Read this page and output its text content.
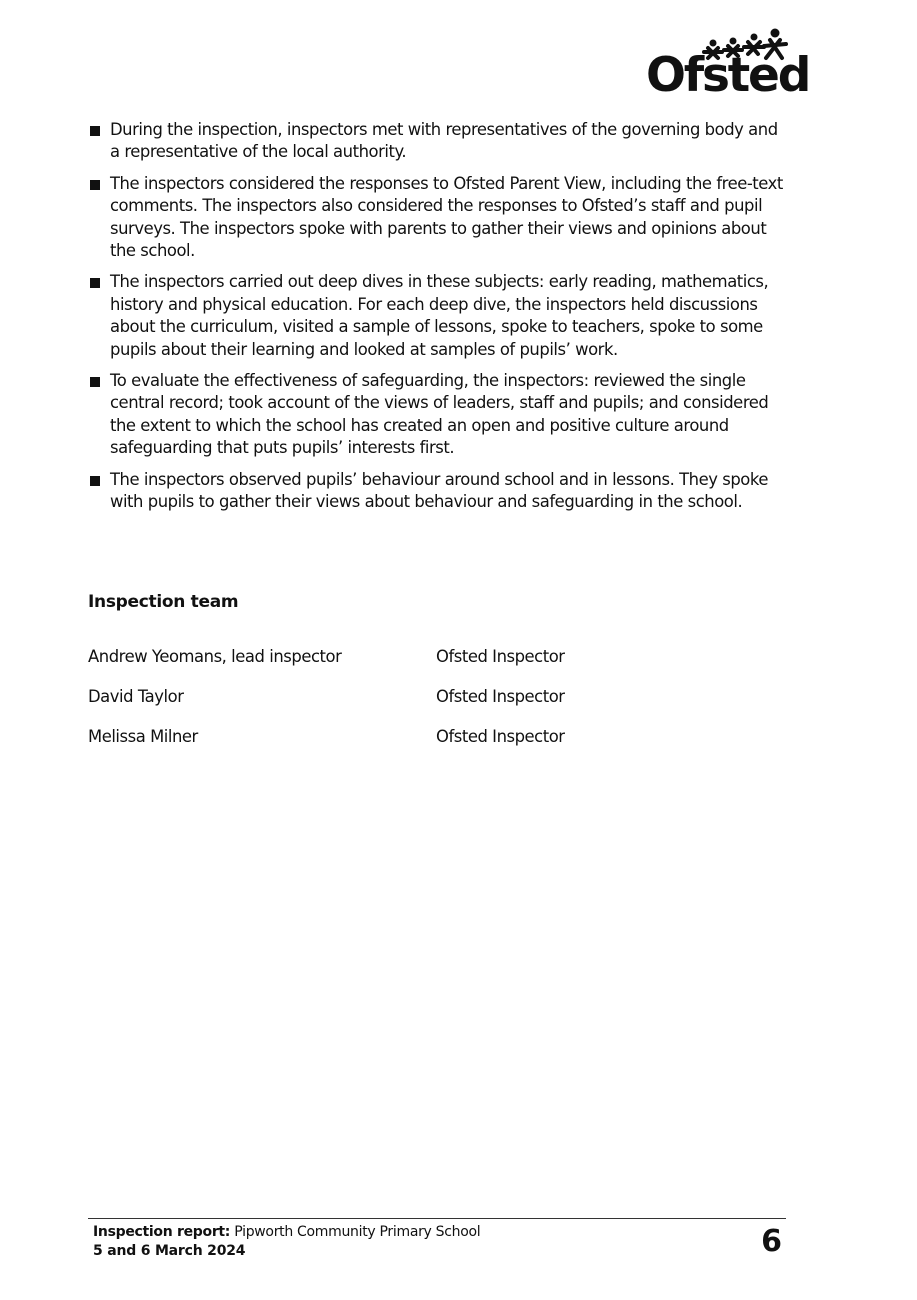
Ofsted
During the inspection, inspectors met with representatives of the governing body and a representative of the local authority.
The inspectors considered the responses to Ofsted Parent View, including the free-text comments. The inspectors also considered the responses to Ofsted’s staff and pupil surveys. The inspectors spoke with parents to gather their views and opinions about the school.
The inspectors carried out deep dives in these subjects: early reading, mathematics, history and physical education. For each deep dive, the inspectors held discussions about the curriculum, visited a sample of lessons, spoke to teachers, spoke to some pupils about their learning and looked at samples of pupils’ work.
To evaluate the effectiveness of safeguarding, the inspectors: reviewed the single central record; took account of the views of leaders, staff and pupils; and considered the extent to which the school has created an open and positive culture around safeguarding that puts pupils’ interests first.
The inspectors observed pupils’ behaviour around school and in lessons. They spoke with pupils to gather their views about behaviour and safeguarding in the school.
Inspection team
Andrew Yeomans, lead inspector	Ofsted Inspector
David Taylor	Ofsted Inspector
Melissa Milner	Ofsted Inspector
Inspection report: Pipworth Community Primary School
5 and 6 March 2024	6
